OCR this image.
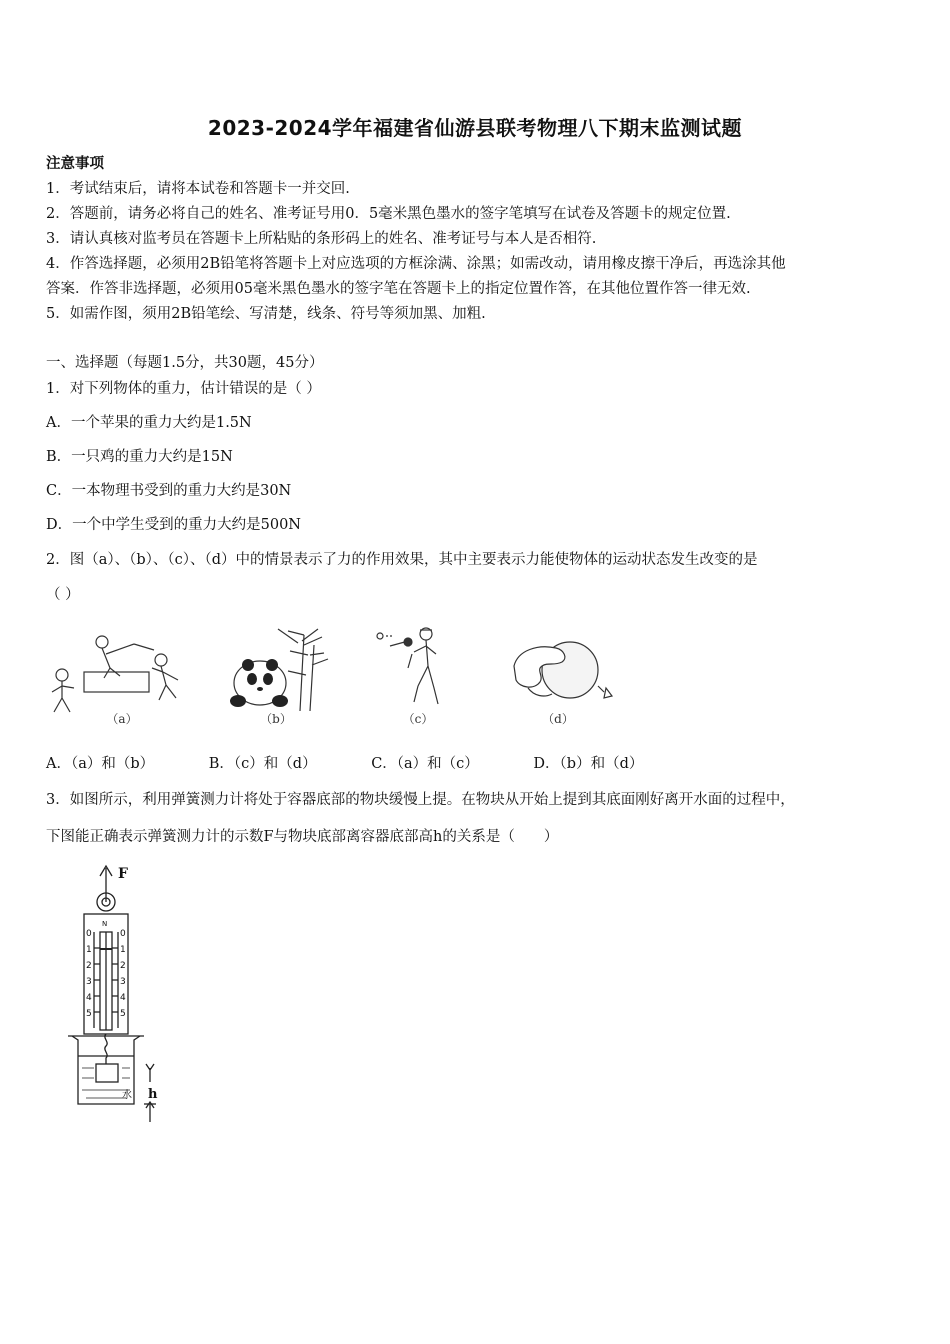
2023-2024学年福建省仙游县联考物理八下期末监测试题
注意事项
1．考试结束后，请将本试卷和答题卡一并交回.
2．答题前，请务必将自己的姓名、准考证号用0．5毫米黑色墨水的签字笔填写在试卷及答题卡的规定位置.
3．请认真核对监考员在答题卡上所粘贴的条形码上的姓名、准考证号与本人是否相符.
4．作答选择题，必须用2B铅笔将答题卡上对应选项的方框涂满、涂黑；如需改动，请用橡皮擦干净后，再选涂其他
答案．作答非选择题，必须用05毫米黑色墨水的签字笔在答题卡上的指定位置作答，在其他位置作答一律无效.
5．如需作图，须用2B铅笔绘、写清楚，线条、符号等须加黑、加粗.
一、选择题（每题1.5分，共30题，45分）
1．对下列物体的重力，估计错误的是（ ）
A．一个苹果的重力大约是1.5N
B．一只鸡的重力大约是15N
C．一本物理书受到的重力大约是30N
D．一个中学生受到的重力大约是500N
2．图（a）、（b）、（c）、（d）中的情景表示了力的作用效果，其中主要表示力能使物体的运动状态发生改变的是
（ ）
（a）	（b）	（c）	（d）
A．（a）和（b）	B．（c）和（d）	C．（a）和（c）	D．（b）和（d）
3．如图所示，利用弹簧测力计将处于容器底部的物块缓慢上提。在物块从开始上提到其底面刚好离开水面的过程中，
下图能正确表示弹簧测力计的示数F与物块底部离容器底部高h的关系是（　　）
F
N
0
1
2
3
4
5
0
1
2
3
4
5
水 h
